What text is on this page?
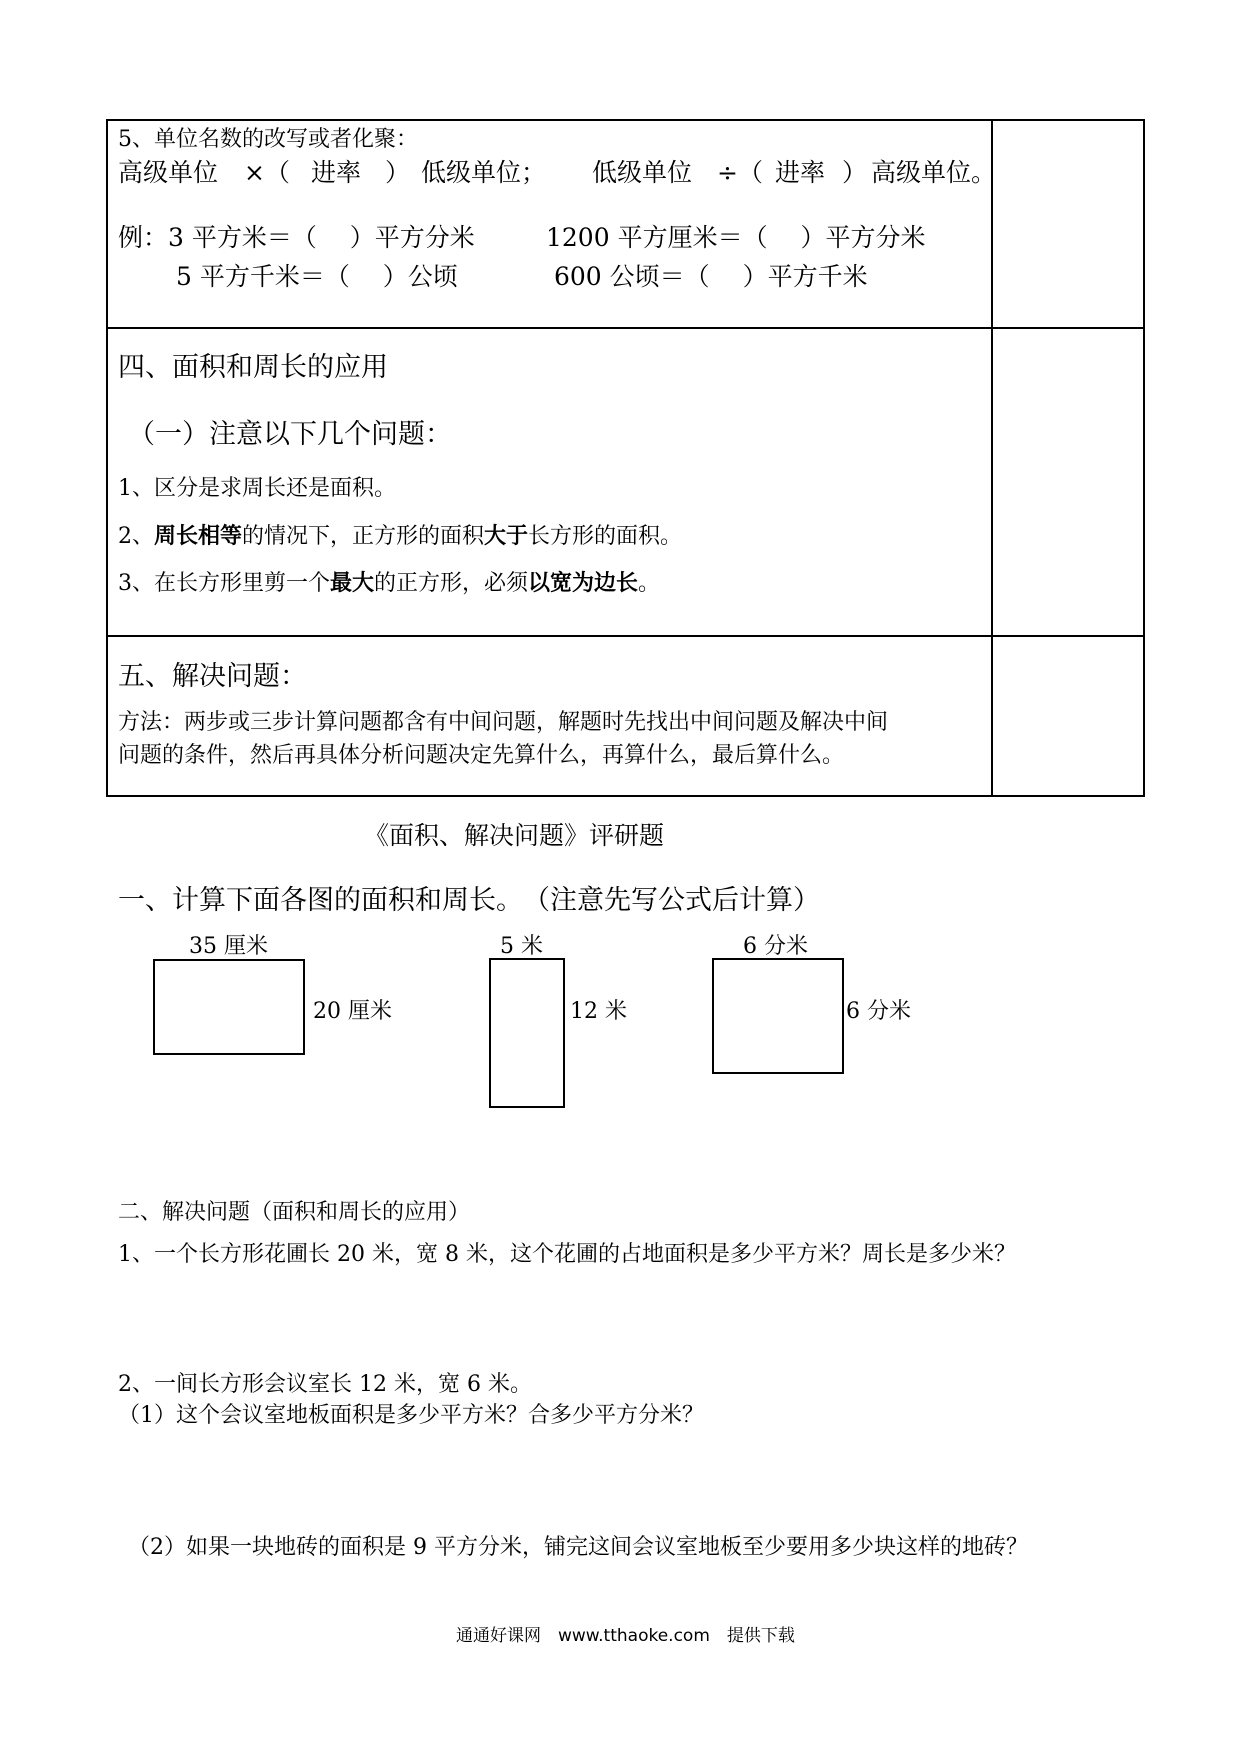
5、单位名数的改写或者化聚：
高级单位 ×（ 进率 ） 低级单位； 低级单位 ÷（ 进率 ） 高级单位。
例：3 平方米＝（　 ）平方分米	1200 平方厘米＝（　 ）平方分米
5 平方千米＝（　 ）公顷	600 公顷＝（　 ）平方千米
四、面积和周长的应用
（一）注意以下几个问题：
1、区分是求周长还是面积。
2、周长相等的情况下，正方形的面积大于长方形的面积。
3、在长方形里剪一个最大的正方形，必须以宽为边长。
五、解决问题：
方法：两步或三步计算问题都含有中间问题，解题时先找出中间问题及解决中间
问题的条件，然后再具体分析问题决定先算什么，再算什么，最后算什么。
《面积、解决问题》评研题
一、计算下面各图的面积和周长。　（注意先写公式后计算）
35 厘米
20 厘米
5 米
12 米
6 分米
6 分米
二、解决问题（面积和周长的应用）
1、一个长方形花圃长 20 米，宽 8 米，这个花圃的占地面积是多少平方米？周长是多少米？
2、一间长方形会议室长 12 米，宽 6 米。
（1）这个会议室地板面积是多少平方米？合多少平方分米？
（2）如果一块地砖的面积是 9 平方分米，铺完这间会议室地板至少要用多少块这样的地砖？
通通好课网　www.tthaoke.com　提供下载
